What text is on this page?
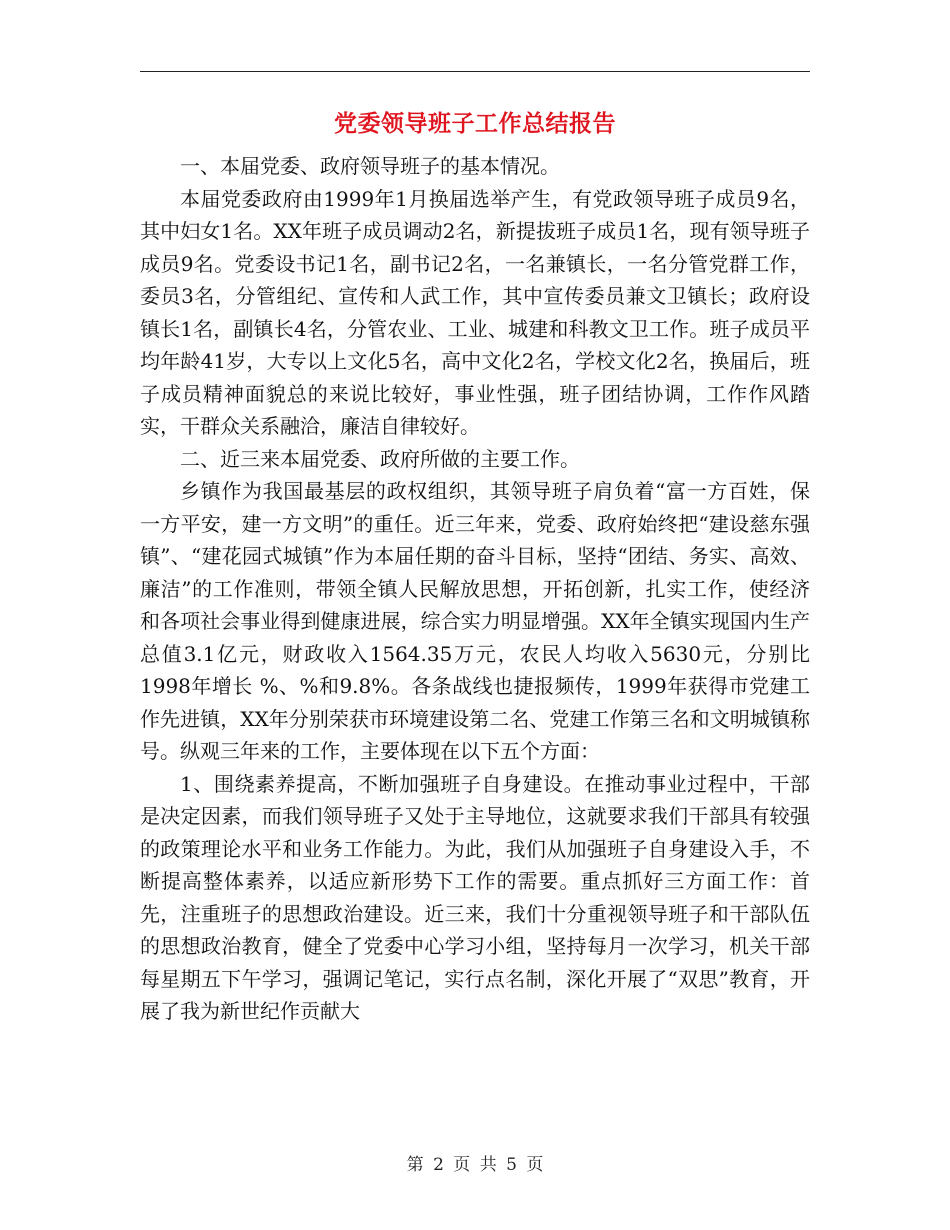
党委领导班子工作总结报告

一、本届党委、政府领导班子的基本情况。

本届党委政府由1999年1月换届选举产生，有党政领导班子成员9名，其中妇女1名。XX年班子成员调动2名，新提拔班子成员1名，现有领导班子成员9名。党委设书记1名，副书记2名，一名兼镇长，一名分管党群工作，委员3名，分管组纪、宣传和人武工作，其中宣传委员兼文卫镇长；政府设镇长1名，副镇长4名，分管农业、工业、城建和科教文卫工作。班子成员平均年龄41岁，大专以上文化5名，高中文化2名，学校文化2名，换届后，班子成员精神面貌总的来说比较好，事业性强，班子团结协调，工作作风踏实，干群众关系融洽，廉洁自律较好。

二、近三来本届党委、政府所做的主要工作。

乡镇作为我国最基层的政权组织，其领导班子肩负着“富一方百姓，保一方平安，建一方文明”的重任。近三年来，党委、政府始终把“建设慈东强镇”、“建花园式城镇”作为本届任期的奋斗目标，坚持“团结、务实、高效、廉洁”的工作准则，带领全镇人民解放思想，开拓创新，扎实工作，使经济和各项社会事业得到健康进展，综合实力明显增强。XX年全镇实现国内生产总值3.1亿元，财政收入1564.35万元，农民人均收入5630元，分别比1998年增长 %、%和9.8%。各条战线也捷报频传，1999年获得市党建工作先进镇，XX年分别荣获市环境建设第二名、党建工作第三名和文明城镇称号。纵观三年来的工作，主要体现在以下五个方面：

1、围绕素养提高，不断加强班子自身建设。在推动事业过程中，干部是决定因素，而我们领导班子又处于主导地位，这就要求我们干部具有较强的政策理论水平和业务工作能力。为此，我们从加强班子自身建设入手，不断提高整体素养，以适应新形势下工作的需要。重点抓好三方面工作：首先，注重班子的思想政治建设。近三来，我们十分重视领导班子和干部队伍的思想政治教育，健全了党委中心学习小组，坚持每月一次学习，机关干部每星期五下午学习，强调记笔记，实行点名制，深化开展了“双思”教育，开展了我为新世纪作贡献大

第 2 页 共 5 页
